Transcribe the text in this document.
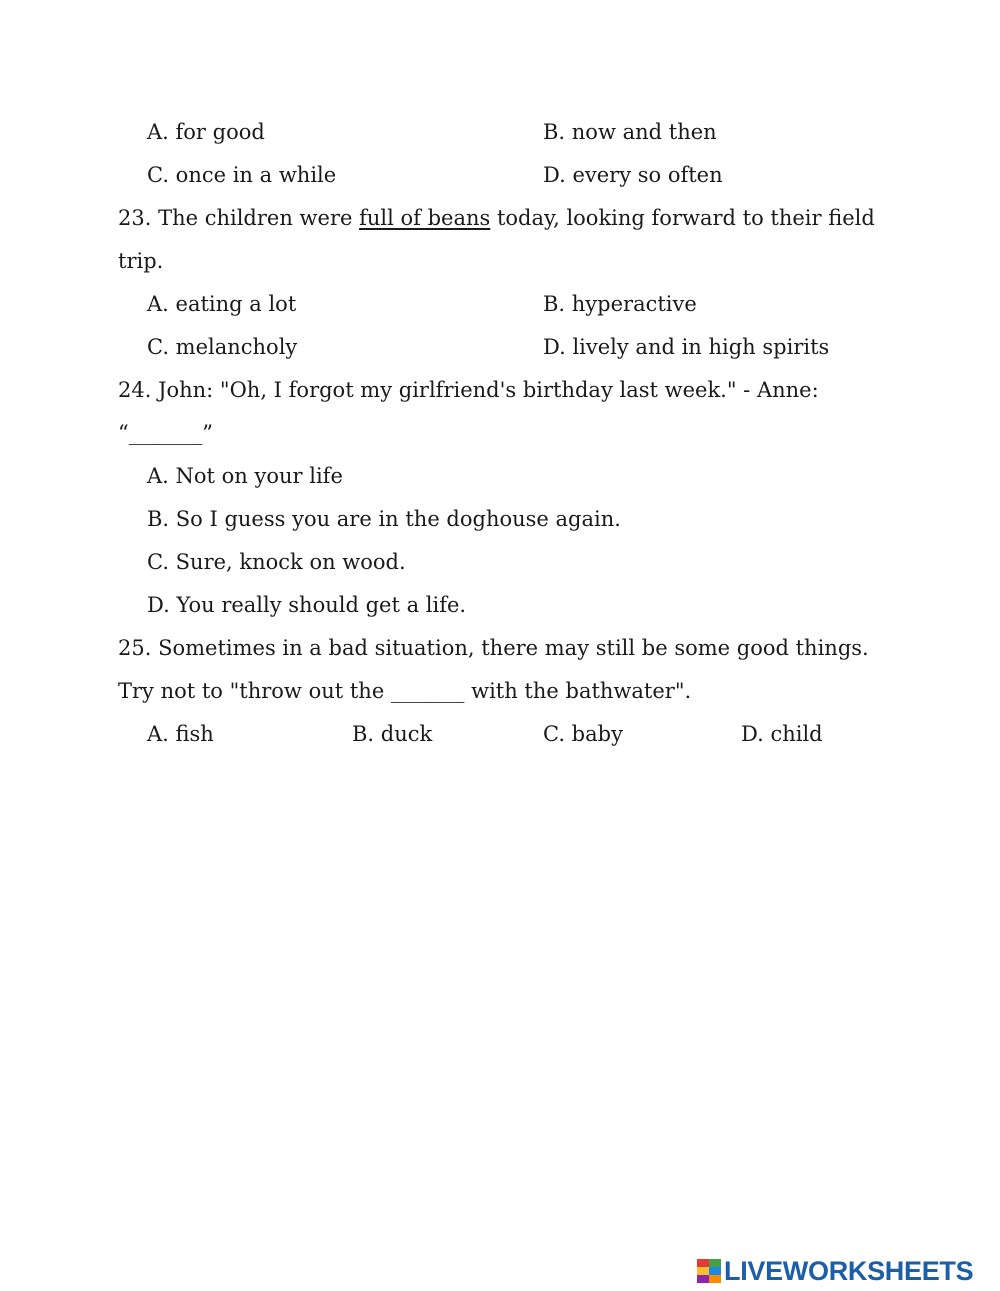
A. for good	B. now and then
C. once in a while	D. every so often
23. The children were full of beans today, looking forward to their field
trip.
A. eating a lot	B. hyperactive
C. melancholy	D. lively and in high spirits
24. John: "Oh, I forgot my girlfriend's birthday last week." - Anne:
“_______”
A. Not on your life
B. So I guess you are in the doghouse again.
C. Sure, knock on wood.
D. You really should get a life.
25. Sometimes in a bad situation, there may still be some good things.
Try not to "throw out the _______ with the bathwater".
A. fish	B. duck	C. baby	D. child
LIVEWORKSHEETS
